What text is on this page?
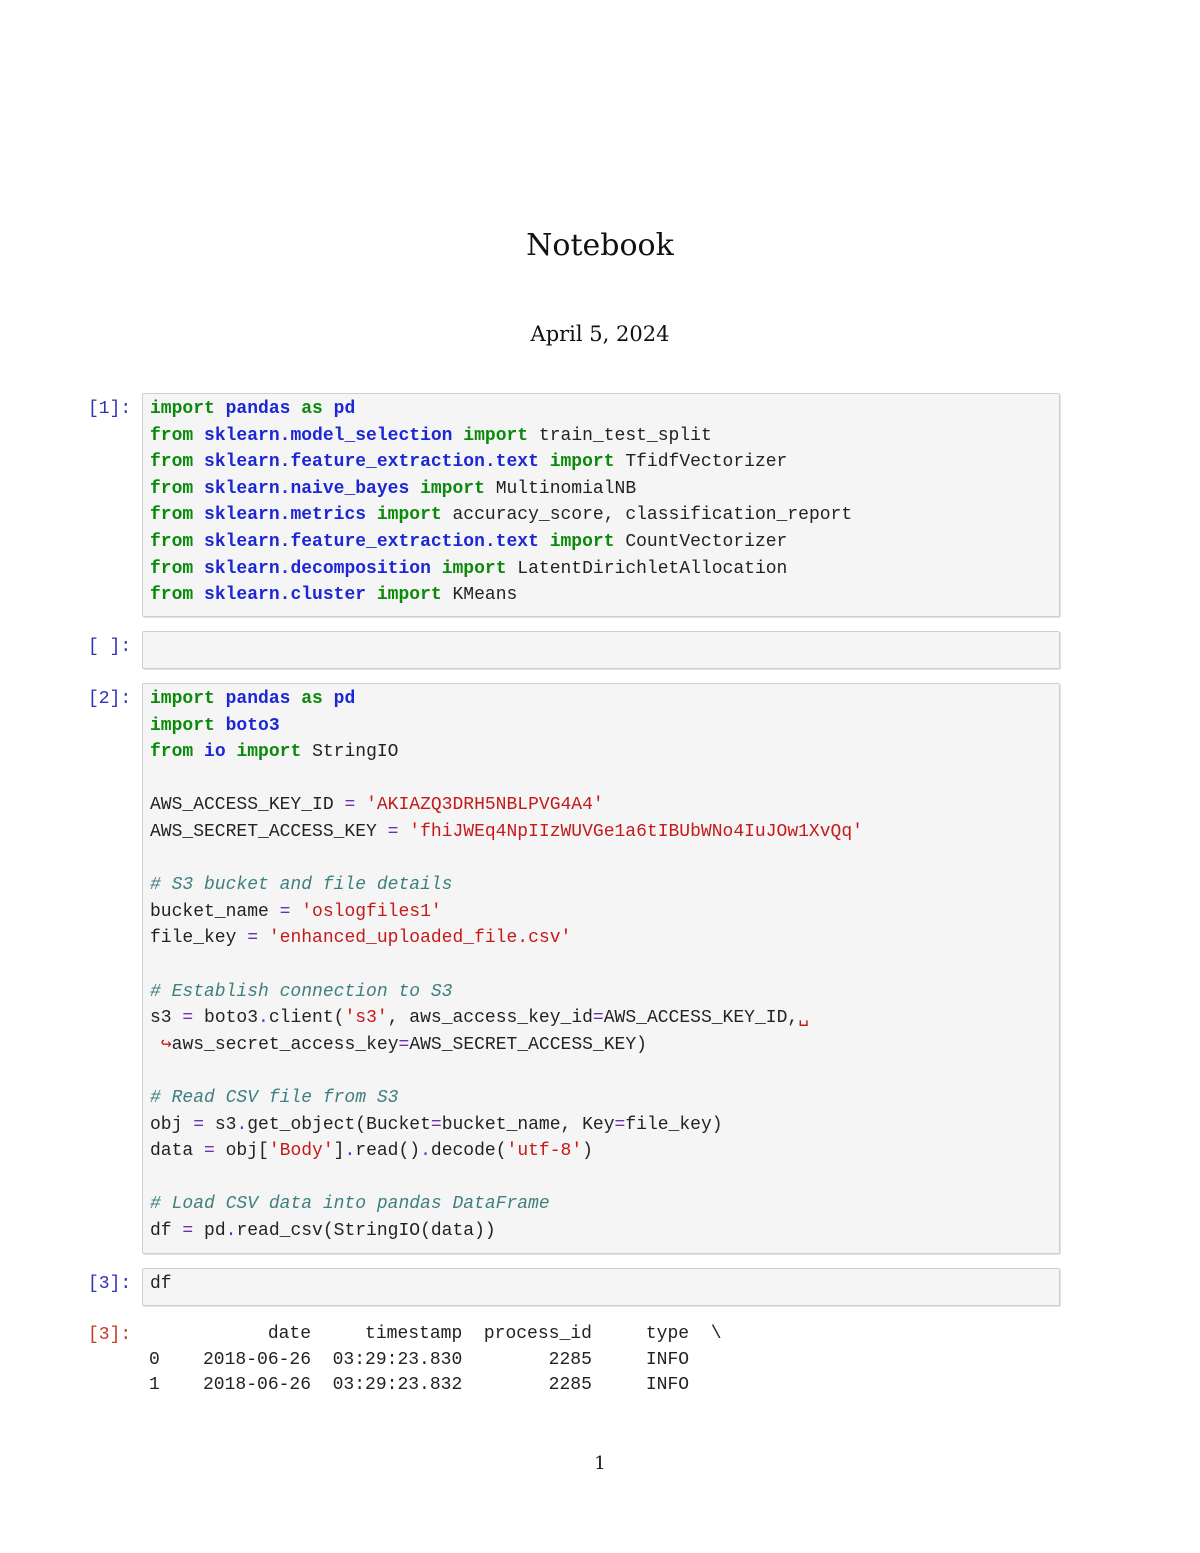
Notebook
April 5, 2024
[1]:	import pandas as pd
from sklearn.model_selection import train_test_split
from sklearn.feature_extraction.text import TfidfVectorizer
from sklearn.naive_bayes import MultinomialNB
from sklearn.metrics import accuracy_score, classification_report
from sklearn.feature_extraction.text import CountVectorizer
from sklearn.decomposition import LatentDirichletAllocation
from sklearn.cluster import KMeans
[ ]:
[2]:	import pandas as pd
import boto3
from io import StringIO

AWS_ACCESS_KEY_ID = 'AKIAZQ3DRH5NBLPVG4A4'
AWS_SECRET_ACCESS_KEY = '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'

# S3 bucket and file details
bucket_name = 'oslogfiles1'
file_key = 'enhanced_uploaded_file.csv'

# Establish connection to S3
s3 = boto3.client('s3', aws_access_key_id=AWS_ACCESS_KEY_ID,␣
↪aws_secret_access_key=AWS_SECRET_ACCESS_KEY)

# Read CSV file from S3
obj = s3.get_object(Bucket=bucket_name, Key=file_key)
data = obj['Body'].read().decode('utf-8')

# Load CSV data into pandas DataFrame
df = pd.read_csv(StringIO(data))
[3]:	df
[3]: date     timestamp  process_id     type  \
0    2018-06-26  03:29:23.830        2285     INFO
1    2018-06-26  03:29:23.832        2285     INFO
1
